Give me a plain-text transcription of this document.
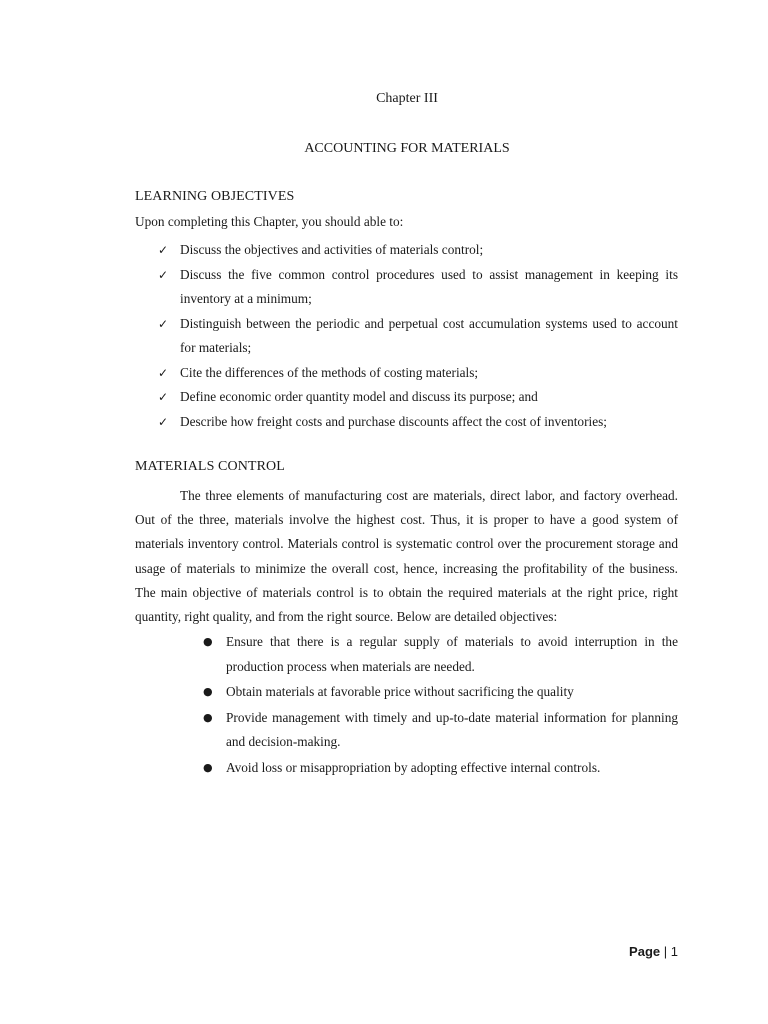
Chapter III
ACCOUNTING FOR MATERIALS
LEARNING OBJECTIVES
Upon completing this Chapter, you should able to:
✓ Discuss the objectives and activities of materials control;
✓ Discuss the five common control procedures used to assist management in keeping its inventory at a minimum;
✓ Distinguish between the periodic and perpetual cost accumulation systems used to account for materials;
✓ Cite the differences of the methods of costing materials;
✓ Define economic order quantity model and discuss its purpose; and
✓ Describe how freight costs and purchase discounts affect the cost of inventories;
MATERIALS CONTROL

The three elements of manufacturing cost are materials, direct labor, and factory overhead. Out of the three, materials involve the highest cost. Thus, it is proper to have a good system of materials inventory control. Materials control is systematic control over the procurement storage and usage of materials to minimize the overall cost, hence, increasing the profitability of the business. The main objective of materials control is to obtain the required materials at the right price, right quantity, right quality, and from the right source. Below are detailed objectives:

● Ensure that there is a regular supply of materials to avoid interruption in the production process when materials are needed.
● Obtain materials at favorable price without sacrificing the quality
● Provide management with timely and up-to-date material information for planning and decision-making.
● Avoid loss or misappropriation by adopting effective internal controls.
Page | 1
